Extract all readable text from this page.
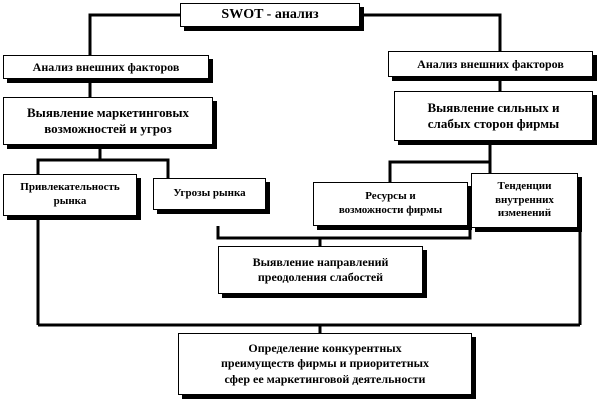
SWOT - анализ
Анализ внешних факторов	Анализ внешних факторов
Выявление маркетинговых
возможностей и угроз
Выявление сильных и
слабых сторон фирмы
Привлекательность
рынка
Угрозы рынка	Ресурсы и
возможности фирмы
Тенденции
внутренних
изменений
Выявление направлений
преодоления слабостей
Определение конкурентных
преимуществ фирмы и приоритетных
сфер ее маркетинговой деятельности
